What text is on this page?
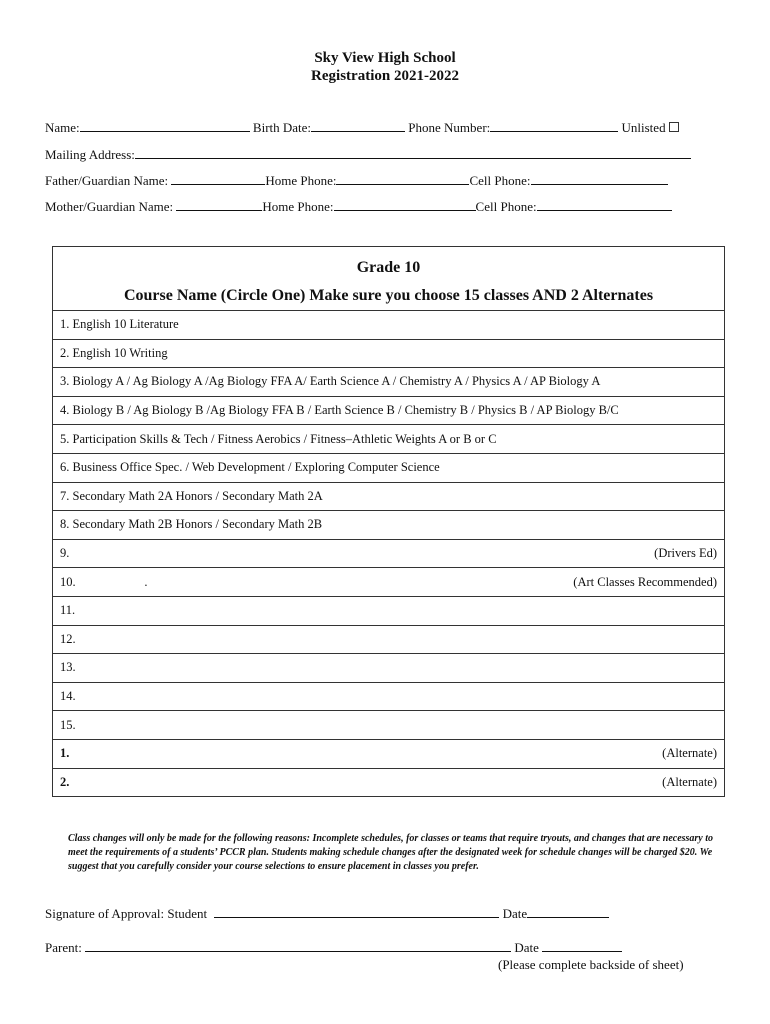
Sky View High School
Registration 2021-2022
Name:	Birth Date:	Phone Number:	Unlisted
Mailing Address:
Father/Guardian Name:	Home Phone:	Cell Phone:
Mother/Guardian Name:	Home Phone:	Cell Phone:
Grade 10
Course Name (Circle One) Make sure you choose 15 classes AND 2 Alternates

1. English 10 Literature

2. English 10 Writing

3. Biology A / Ag Biology A /Ag Biology FFA A/ Earth Science A / Chemistry A / Physics A / AP Biology A

4. Biology B / Ag Biology B /Ag Biology FFA B / Earth Science B / Chemistry B / Physics B / AP Biology B/C

5. Participation Skills & Tech / Fitness Aerobics / Fitness–Athletic Weights A or B or C

6. Business Office Spec. / Web Development / Exploring Computer Science

7. Secondary Math 2A Honors / Secondary Math 2A

8. Secondary Math 2B Honors / Secondary Math 2B

9.	(Drivers Ed)

10.                      .	(Art Classes Recommended)

11.

12.

13.

14.

15.

1.	(Alternate)

2.	(Alternate)
Class changes will only be made for the following reasons: Incomplete schedules, for classes or teams that require tryouts, and changes that are necessary to meet the requirements of a students’ PCCR plan. Students making schedule changes after the designated week for schedule changes will be charged $20. We suggest that you carefully consider your course selections to ensure placement in classes you prefer.
Signature of Approval: Student	Date
Parent:	Date
(Please complete backside of sheet)
